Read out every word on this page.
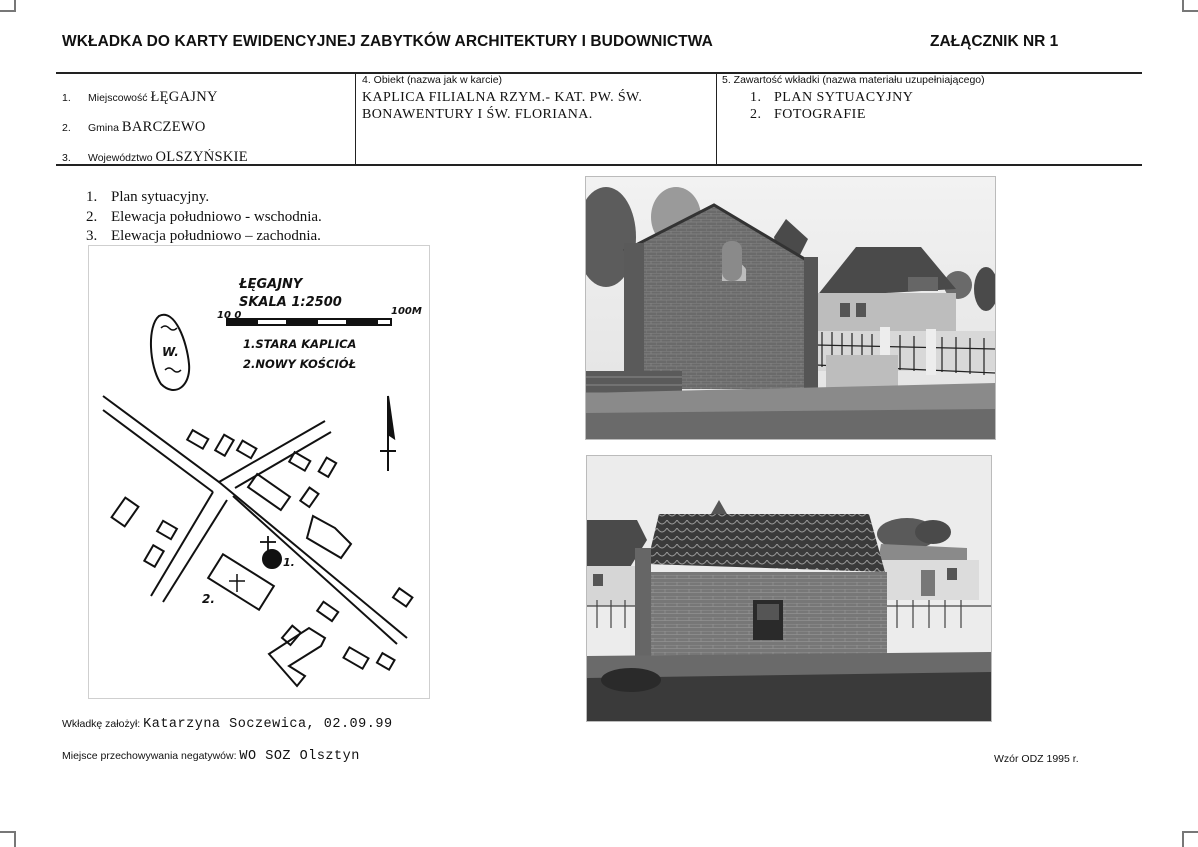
WKŁADKA DO KARTY EWIDENCYJNEJ ZABYTKÓW ARCHITEKTURY I BUDOWNICTWA	ZAŁĄCZNIK NR 1
1. Miejscowość ŁĘGAJNY
2. Gmina BARCZEWO
3. Województwo OLSZYŃSKIE
4. Obiekt (nazwa jak w karcie)
KAPLICA FILIALNA RZYM.- KAT. PW. ŚW.
BONAWENTURY I ŚW. FLORIANA.
5. Zawartość wkładki (nazwa materiału uzupełniającego)
1. PLAN SYTUACYJNY
2. FOTOGRAFIE
1. Plan sytuacyjny.
2. Elewacja południowo - wschodnia.
3. Elewacja południowo – zachodnia.
ŁĘGAJNY
SKALA 1:2500
10 0	100M
1.STARA KAPLICA
2.NOWY KOŚCIÓŁ
W.
1.
2.
Wkładkę założył: Katarzyna Soczewica, 02.09.99
Miejsce przechowywania negatywów: WO SOZ Olsztyn	Wzór ODZ 1995 r.
